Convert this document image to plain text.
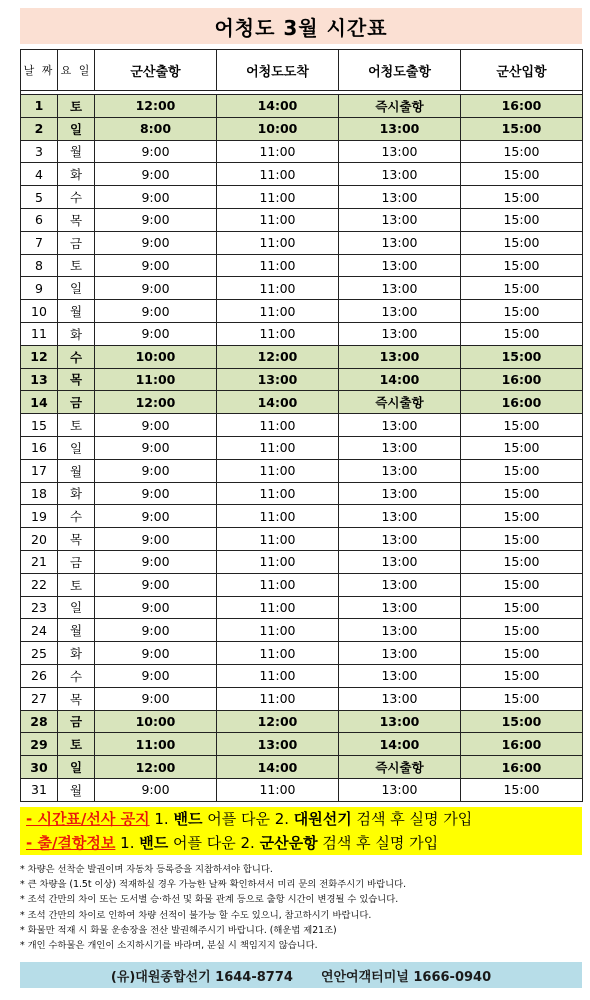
어청도 3월 시간표
날 짜	요 일	군산출항	어청도도착	어청도출항	군산입항

1	토	12:00	14:00	즉시출항	16:00
2	일	8:00	10:00	13:00	15:00
3	월	9:00	11:00	13:00	15:00
4	화	9:00	11:00	13:00	15:00
5	수	9:00	11:00	13:00	15:00
6	목	9:00	11:00	13:00	15:00
7	금	9:00	11:00	13:00	15:00
8	토	9:00	11:00	13:00	15:00
9	일	9:00	11:00	13:00	15:00
10	월	9:00	11:00	13:00	15:00
11	화	9:00	11:00	13:00	15:00
12	수	10:00	12:00	13:00	15:00
13	목	11:00	13:00	14:00	16:00
14	금	12:00	14:00	즉시출항	16:00
15	토	9:00	11:00	13:00	15:00
16	일	9:00	11:00	13:00	15:00
17	월	9:00	11:00	13:00	15:00
18	화	9:00	11:00	13:00	15:00
19	수	9:00	11:00	13:00	15:00
20	목	9:00	11:00	13:00	15:00
21	금	9:00	11:00	13:00	15:00
22	토	9:00	11:00	13:00	15:00
23	일	9:00	11:00	13:00	15:00
24	월	9:00	11:00	13:00	15:00
25	화	9:00	11:00	13:00	15:00
26	수	9:00	11:00	13:00	15:00
27	목	9:00	11:00	13:00	15:00
28	금	10:00	12:00	13:00	15:00
29	토	11:00	13:00	14:00	16:00
30	일	12:00	14:00	즉시출항	16:00
31	월	9:00	11:00	13:00	15:00
- 시간표/선사 공지 1. 밴드 어플 다운 2. 대원선기 검색 후 실명 가입
- 출/결항정보 1. 밴드 어플 다운 2. 군산운항 검색 후 실명 가입
* 차량은 선착순 발권이며 자동차 등록증을 지참하셔야 합니다.
* 큰 차량을 (1.5t 이상) 적재하실 경우 가능한 날짜 확인하셔서 미리 문의 전화주시기 바랍니다.
* 조석 간만의 차이 또는 도서별 승·하선 및 화물 관계 등으로 출항 시간이 변경될 수 있습니다.
* 조석 간만의 차이로 인하여 차량 선적이 불가능 할 수도 있으니, 참고하시기 바랍니다.
* 화물만 적재 시 화물 운송장을 전산 발권해주시기 바랍니다. (해운법 제21조)
* 개인 수하물은 개인이 소지하시기를 바라며, 분실 시 책임지지 않습니다.
(유)대원종합선기 1644-8774 연안여객터미널 1666-0940
